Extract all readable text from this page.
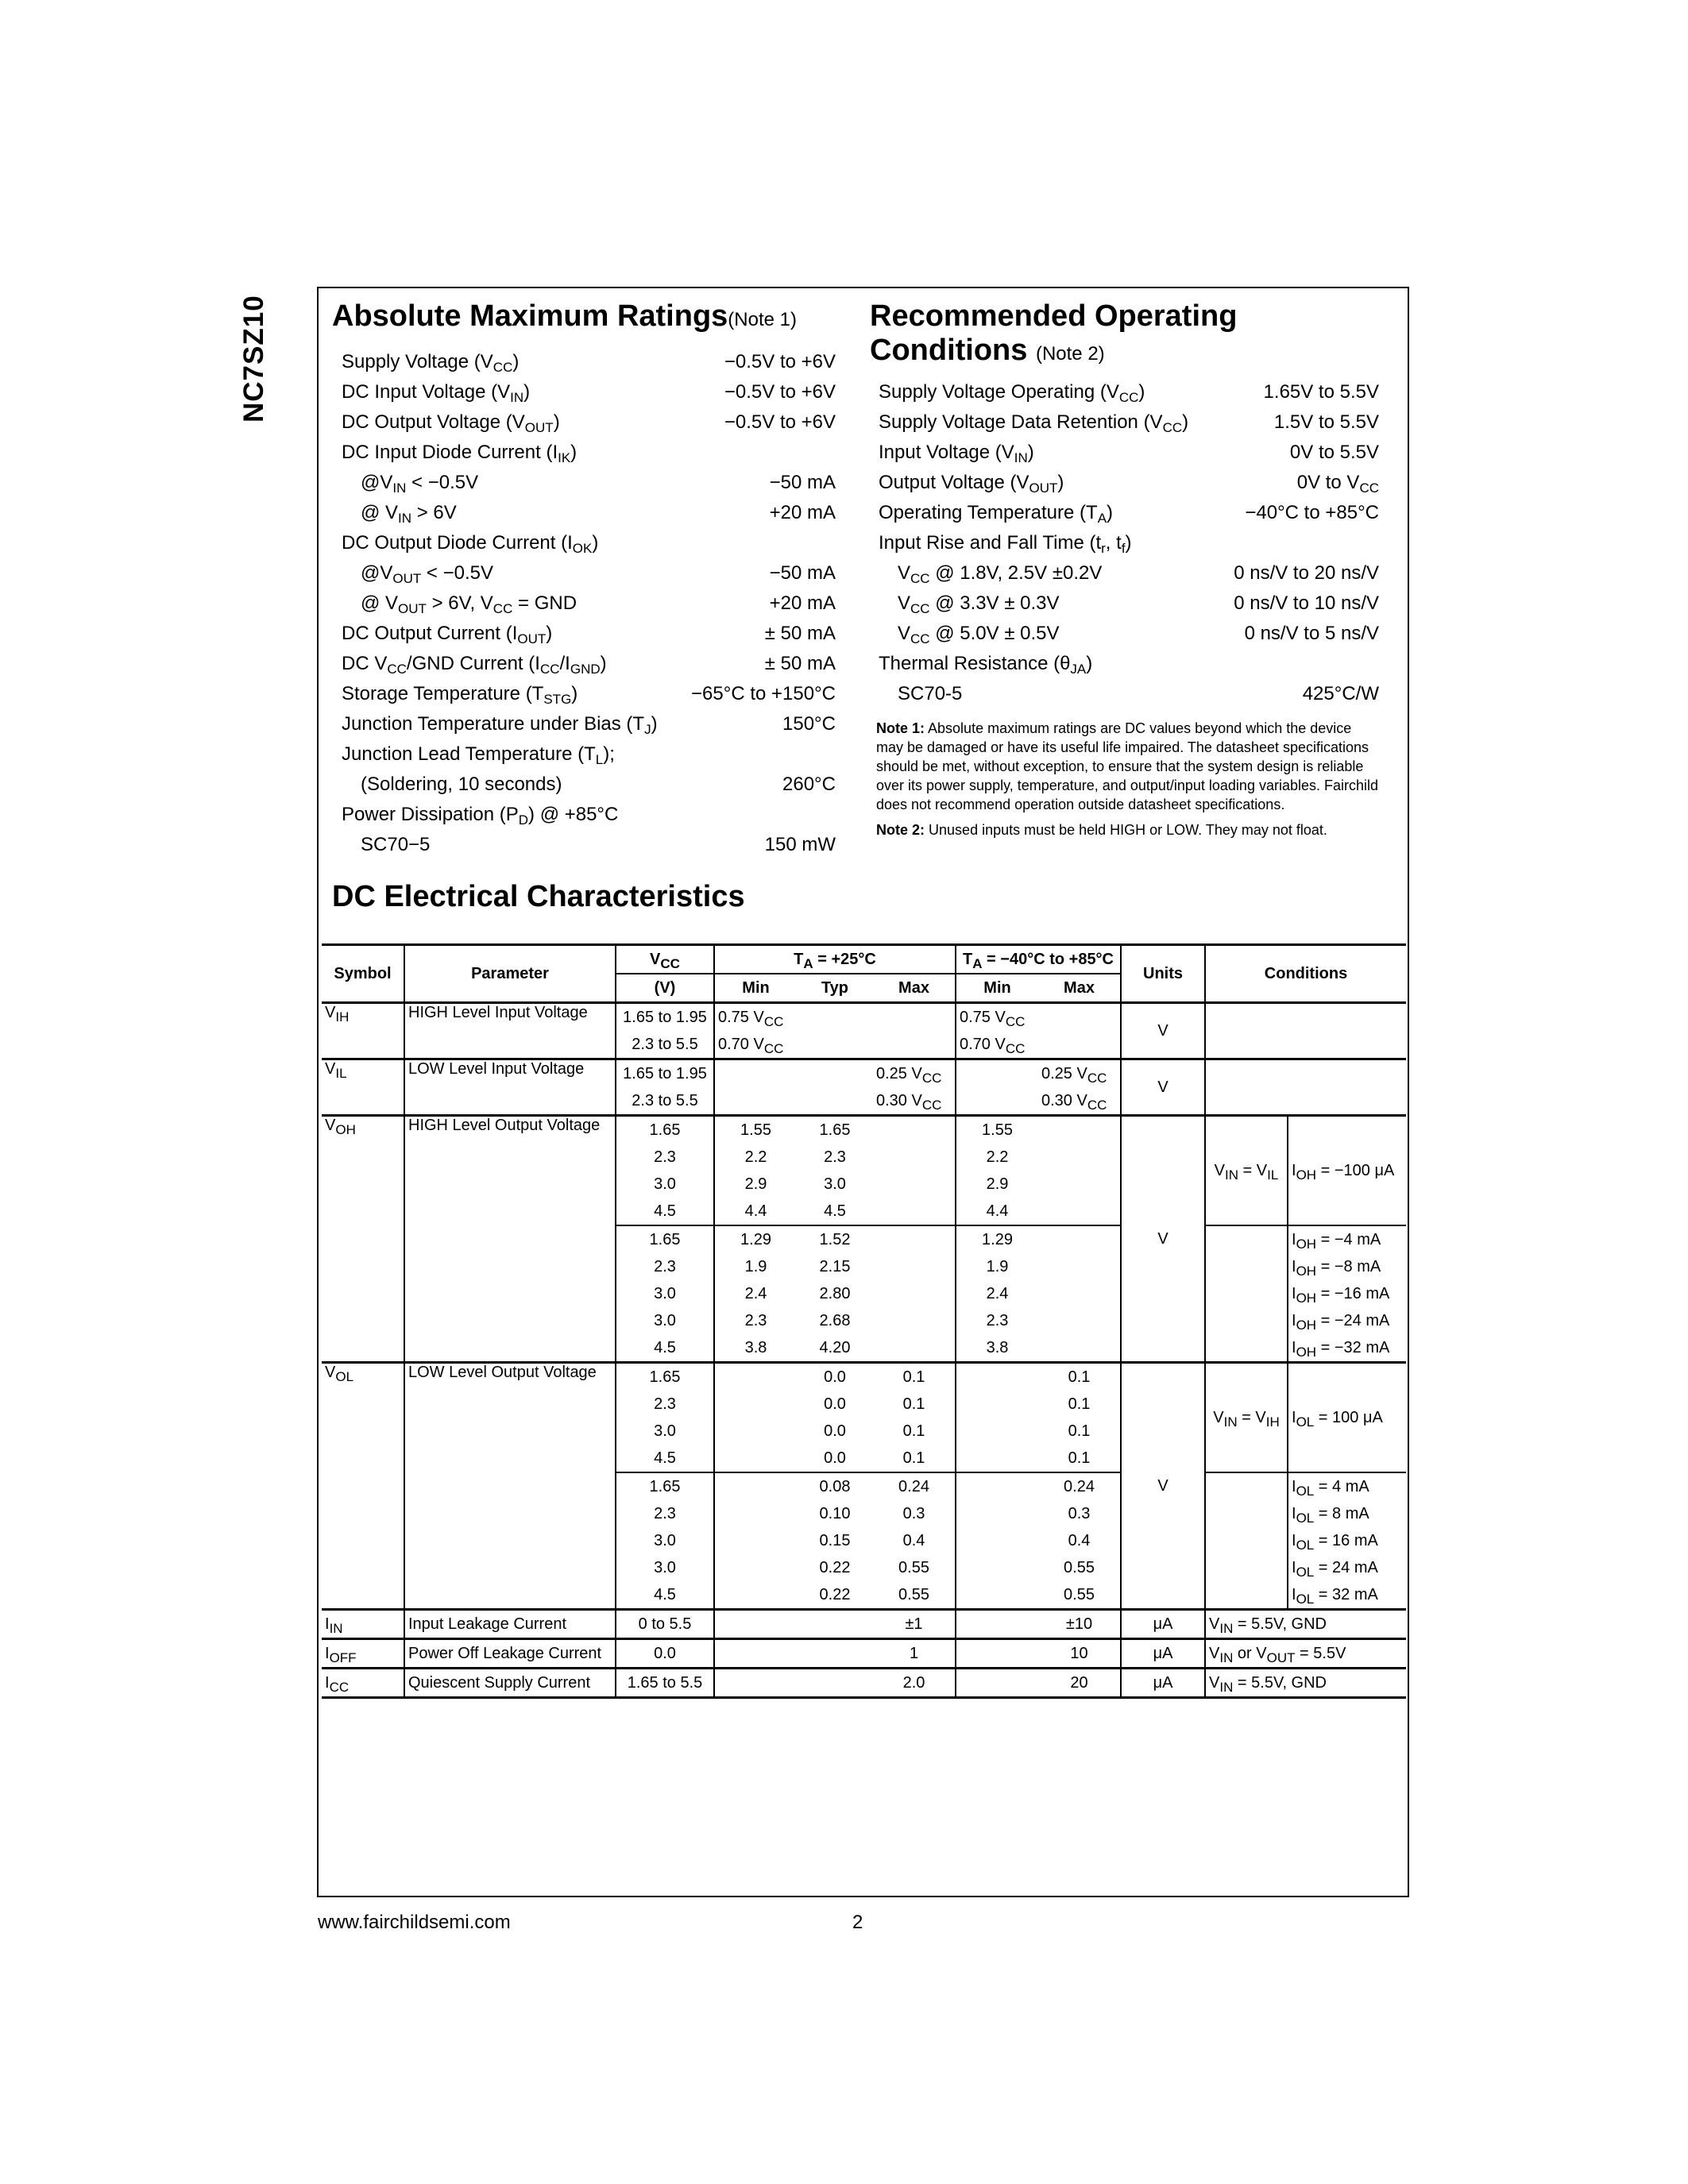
NC7SZ10 Absolute Maximum Ratings(Note 1)
Supply Voltage $(V_{CC})$	−0.5V to +6V
DC Input Voltage $(V_{IN})$	−0.5V to +6V
DC Output Voltage $(V_{OUT})$	−0.5V to +6V
DC Input Diode Current $(I_{IK})$
$@V_{IN} < -0.5V$	−50 mA
@ $V_{IN} > 6V$	+20 mA
DC Output Diode Current $(I_{OK})$
$@V_{OUT} < -0.5V$	−50 mA
@ $V_{OUT} > 6V$, $V_{CC}$ = GND	+20 mA
DC Output Current $(I_{OUT})$	± 50 mA
DC $V_{CC}$/GND Current $(I_{CC}/I_{GND})$	± 50 mA
Storage Temperature $(T_{STG})$	−65°C to +150°C
Junction Temperature under Bias $(T_J)$	150°C
Junction Lead Temperature $(T_L)$;
(Soldering, 10 seconds)	260°C
Power Dissipation $(P_D)$ @ +85°C
SC70−5	150 mW
Recommended Operating
Conditions (Note 2)
Supply Voltage Operating $(V_{CC})$	1.65V to 5.5V
Supply Voltage Data Retention $(V_{CC})$	1.5V to 5.5V
Input Voltage $(V_{IN})$	0V to 5.5V
Output Voltage $(V_{OUT})$	0V to $V_{CC}$
Operating Temperature $(T_A)$	−40°C to +85°C
Input Rise and Fall Time ($t_r$, $t_f$)
$V_{CC}$ @ 1.8V, 2.5V ±0.2V	0 ns/V to 20 ns/V
$V_{CC}$ @ 3.3V ± 0.3V	0 ns/V to 10 ns/V
$V_{CC}$ @ 5.0V ± 0.5V	0 ns/V to 5 ns/V
Thermal Resistance $(\theta_{JA})$
SC70-5	425°C/W

Note 1: Absolute maximum ratings are DC values beyond which the device may be damaged or have its useful life impaired. The datasheet specifications should be met, without exception, to ensure that the system design is reliable over its power supply, temperature, and output/input loading variables. Fairchild does not recommend operation outside datasheet specifications.

Note 2: Unused inputs must be held HIGH or LOW. They may not float.

DC Electrical Characteristics
Symbol	Parameter	$V_{CC}$	$T_A = +25^\circ C$			$T_A = -40^\circ C$ to +85°C		Units	Conditions	
		(V)	Min	Typ	Max	Min	Max			
$V_{IH}$	HIGH Level Input Voltage	1.65 to 1.95	0.75 $V_{CC}$			0.75 $V_{CC}$		V		
		2.3 to 5.5	0.70 $V_{CC}$			0.70 $V_{CC}$	
$V_{IL}$	LOW Level Input Voltage	1.65 to 1.95			0.25 $V_{CC}$		0.25 $V_{CC}$	V		
		2.3 to 5.5			0.30 $V_{CC}$		0.30 $V_{CC}$
$V_{OH}$	HIGH Level Output Voltage	1.65	1.55	1.65		1.55		V	$V_{IN} = V_{IL}$	$I_{OH} = -100$ μA
		2.3	2.2	2.3		2.2				
		3.0	2.9	3.0		2.9				
		4.5	4.4	4.5		4.4				
		1.65	1.29	1.52		1.29				$I_{OH} = -4$ mA
		2.3	1.9	2.15		1.9				$I_{OH} = -8$ mA
		3.0	2.4	2.80		2.4				$I_{OH} = -16$ mA
		3.0	2.3	2.68		2.3				$I_{OH} = -24$ mA
		4.5	3.8	4.20		3.8				$I_{OH} = -32$ mA
$V_{OL}$	LOW Level Output Voltage	1.65		0.0	0.1		0.1	V	$V_{IN} = V_{IH}$	$I_{OL} = 100$ μA
		2.3		0.0	0.1		0.1			
		3.0		0.0	0.1		0.1			
		4.5		0.0	0.1		0.1			
		1.65		0.08	0.24		0.24			$I_{OL} = 4$ mA
		2.3		0.10	0.3		0.3			$I_{OL} = 8$ mA
		3.0		0.15	0.4		0.4			$I_{OL} = 16$ mA
		3.0		0.22	0.55		0.55			$I_{OL} = 24$ mA
		4.5		0.22	0.55		0.55			$I_{OL} = 32$ mA
$I_{IN}$	Input Leakage Current	0 to 5.5			±1		±10	μA	$V_{IN} = 5.5V$, GND	
$I_{OFF}$	Power Off Leakage Current	0.0			1		10	μA	$V_{IN}$ or $V_{OUT} = 5.5V$	
$I_{CC}$	Quiescent Supply Current	1.65 to 5.5			2.0		20	μA	$V_{IN} = 5.5V$, GND	
www.fairchildsemi.com	2
